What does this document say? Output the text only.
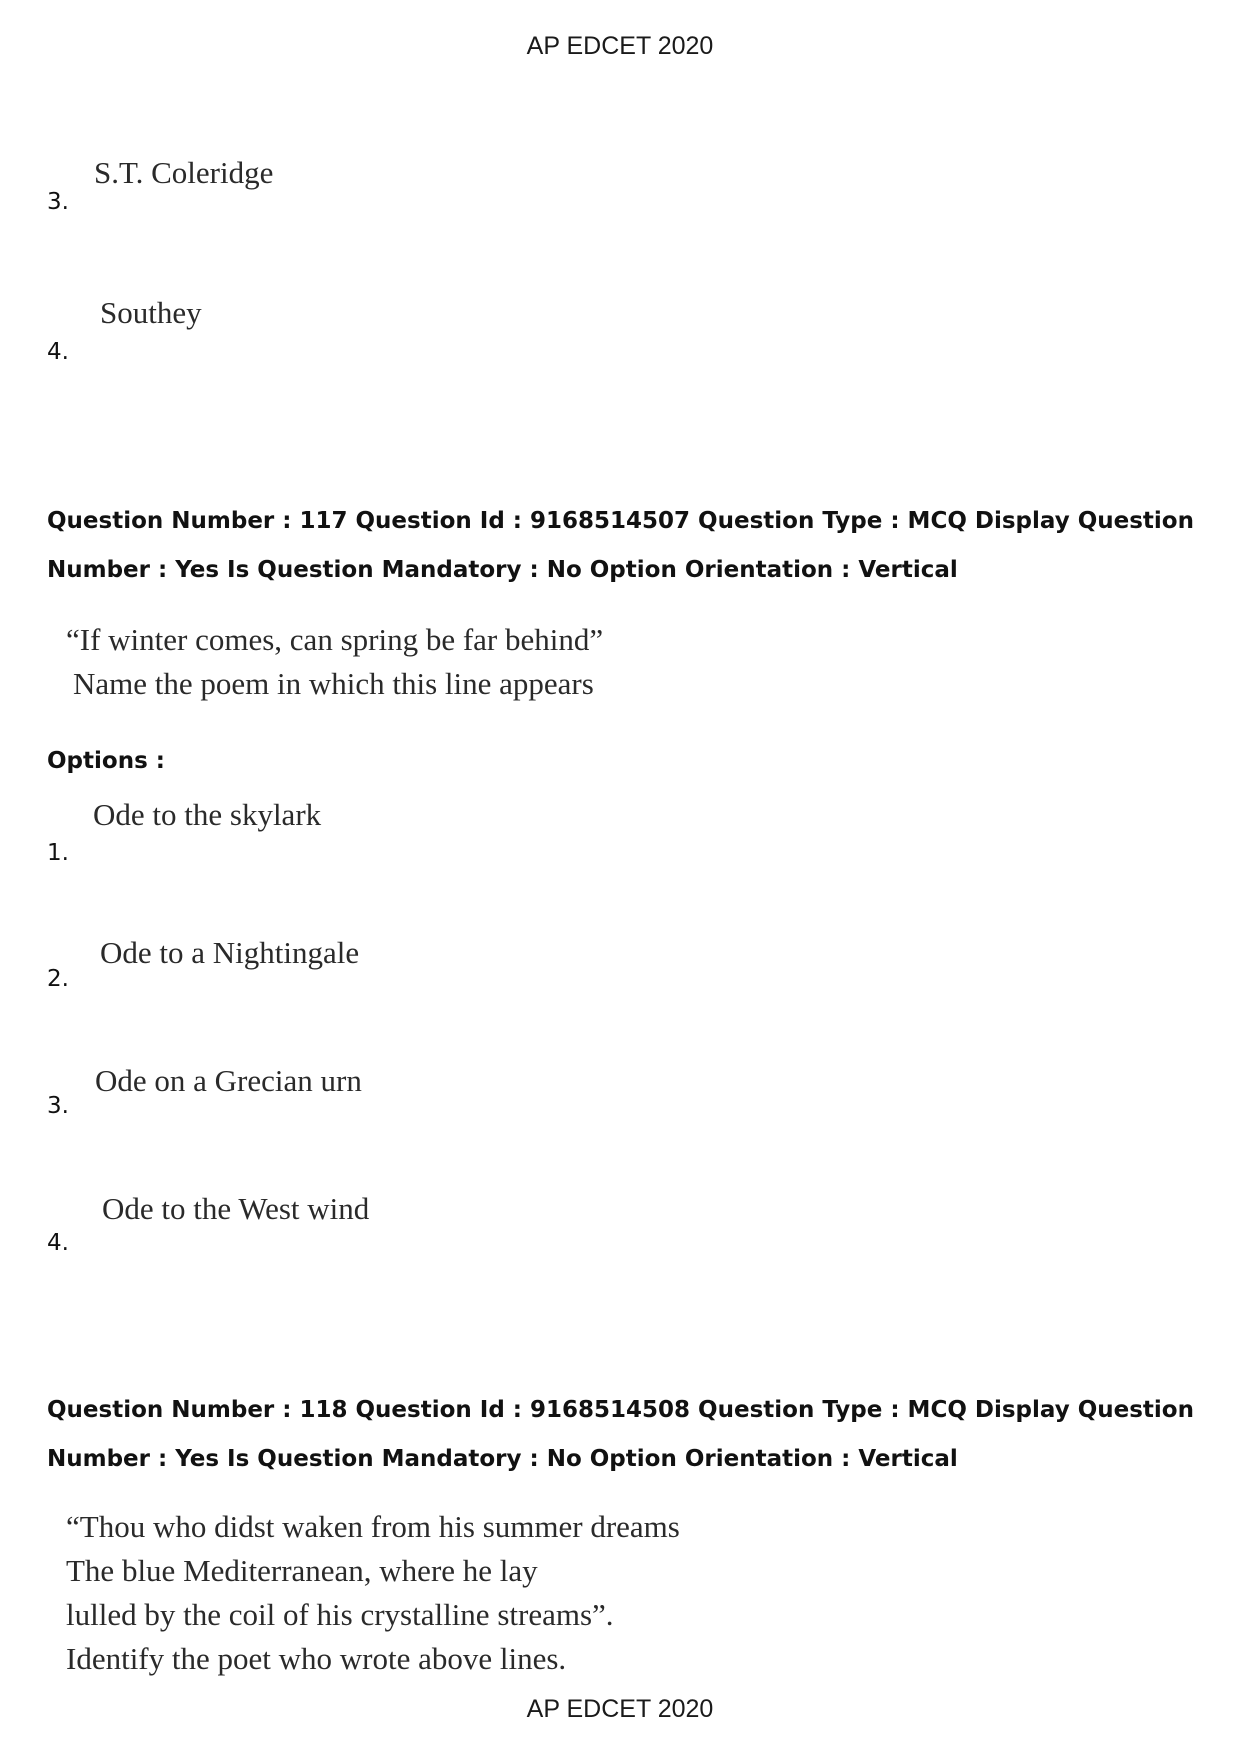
AP EDCET 2020
3.
S.T. Coleridge
4.
Southey
Question Number : 117 Question Id : 9168514507 Question Type : MCQ Display Question
Number : Yes Is Question Mandatory : No Option Orientation : Vertical
“If winter comes, can spring be far behind”
Name the poem in which this line appears
Options :
1.
Ode to the skylark
2.
Ode to a Nightingale
3.
Ode on a Grecian urn
4.
Ode to the West wind
Question Number : 118 Question Id : 9168514508 Question Type : MCQ Display Question
Number : Yes Is Question Mandatory : No Option Orientation : Vertical
“Thou who didst waken from his summer dreams
The blue Mediterranean, where he lay
lulled by the coil of his crystalline streams”.
Identify the poet who wrote above lines.
AP EDCET 2020
